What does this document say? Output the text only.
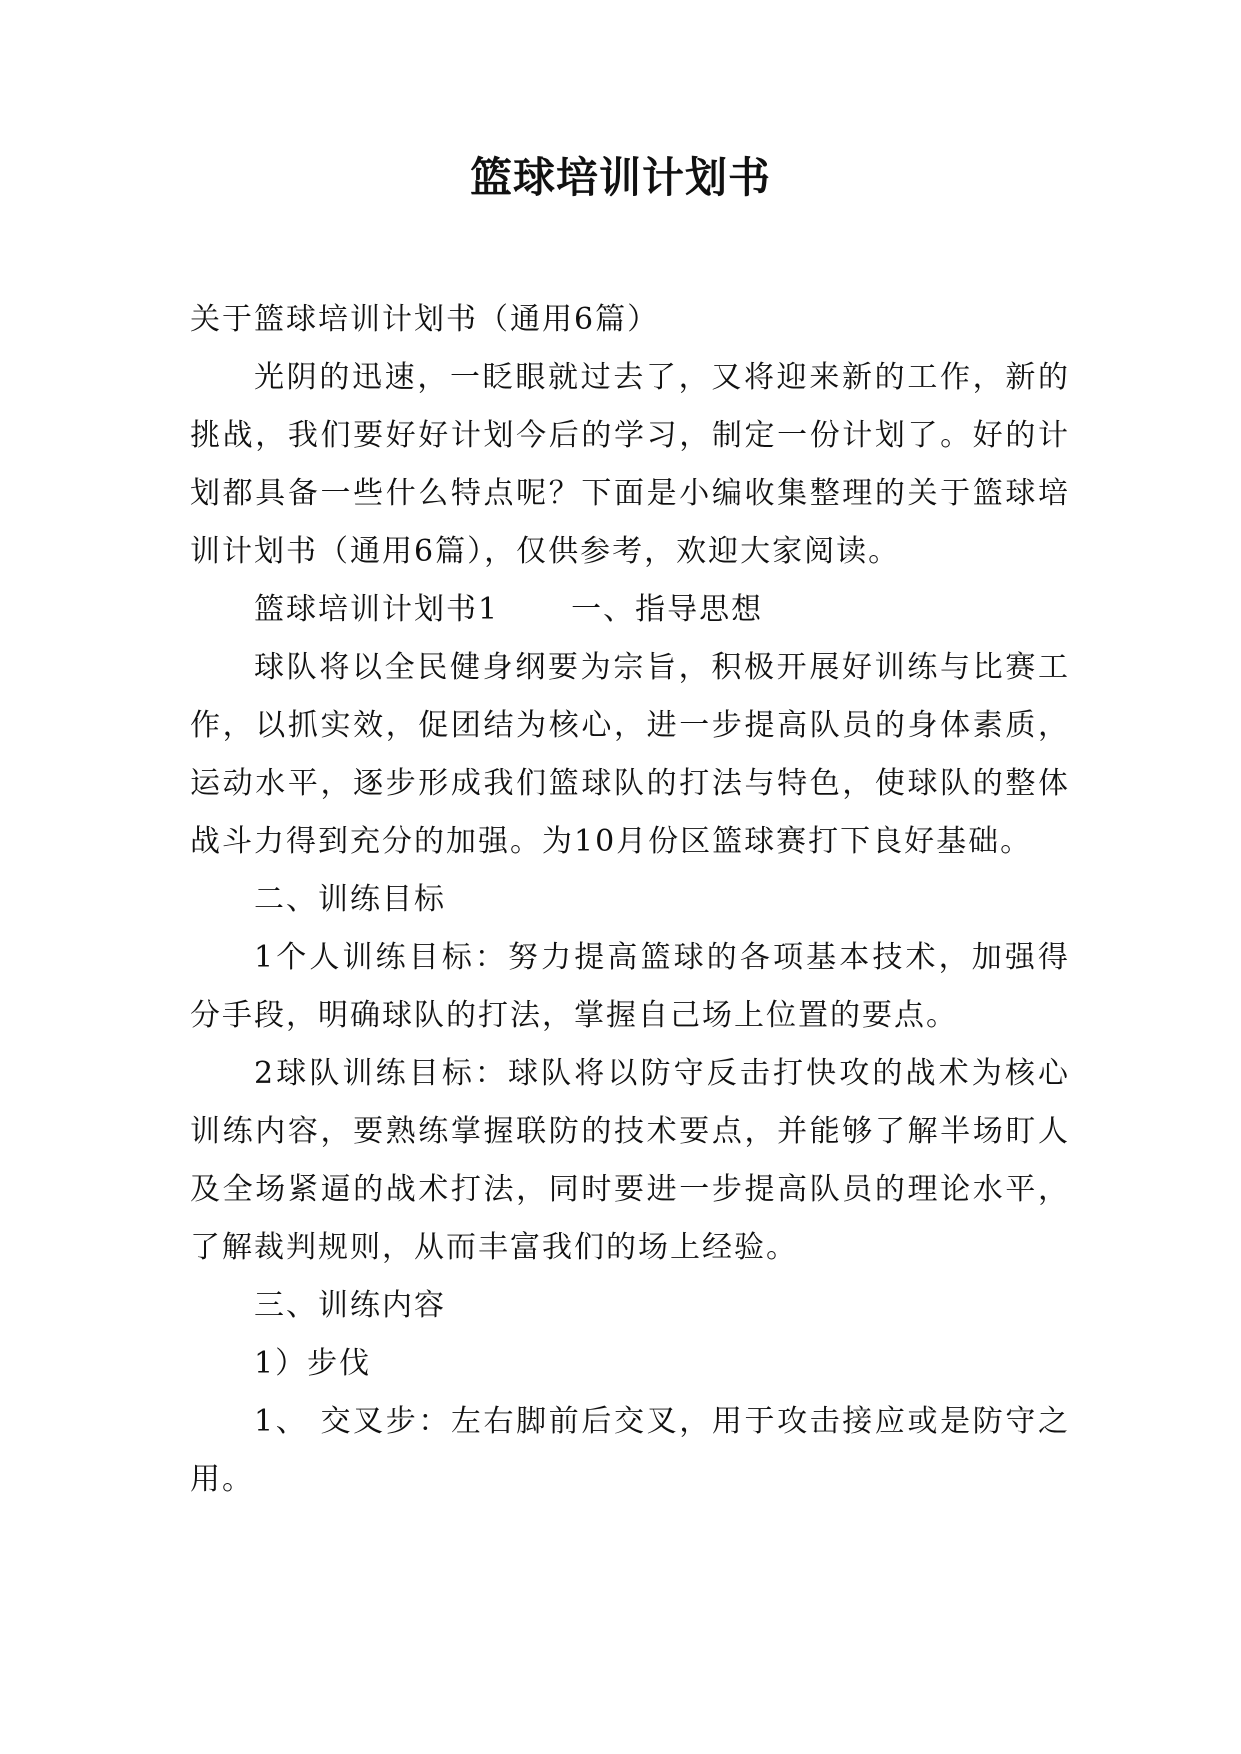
篮球培训计划书

关于篮球培训计划书（通用6篇）

光阴的迅速，一眨眼就过去了，又将迎来新的工作，新的挑战，我们要好好计划今后的学习，制定一份计划了。好的计划都具备一些什么特点呢？下面是小编收集整理的关于篮球培训计划书（通用6篇），仅供参考，欢迎大家阅读。

篮球培训计划书1 一、指导思想

球队将以全民健身纲要为宗旨，积极开展好训练与比赛工作，以抓实效，促团结为核心，进一步提高队员的身体素质，运动水平，逐步形成我们篮球队的打法与特色，使球队的整体战斗力得到充分的加强。为10月份区篮球赛打下良好基础。

二、训练目标

1个人训练目标：努力提高篮球的各项基本技术，加强得分手段，明确球队的打法，掌握自己场上位置的要点。

2球队训练目标：球队将以防守反击打快攻的战术为核心训练内容，要熟练掌握联防的技术要点，并能够了解半场盯人及全场紧逼的战术打法，同时要进一步提高队员的理论水平，了解裁判规则，从而丰富我们的场上经验。

三、训练内容

1）步伐

1、 交叉步：左右脚前后交叉，用于攻击接应或是防守之用。
